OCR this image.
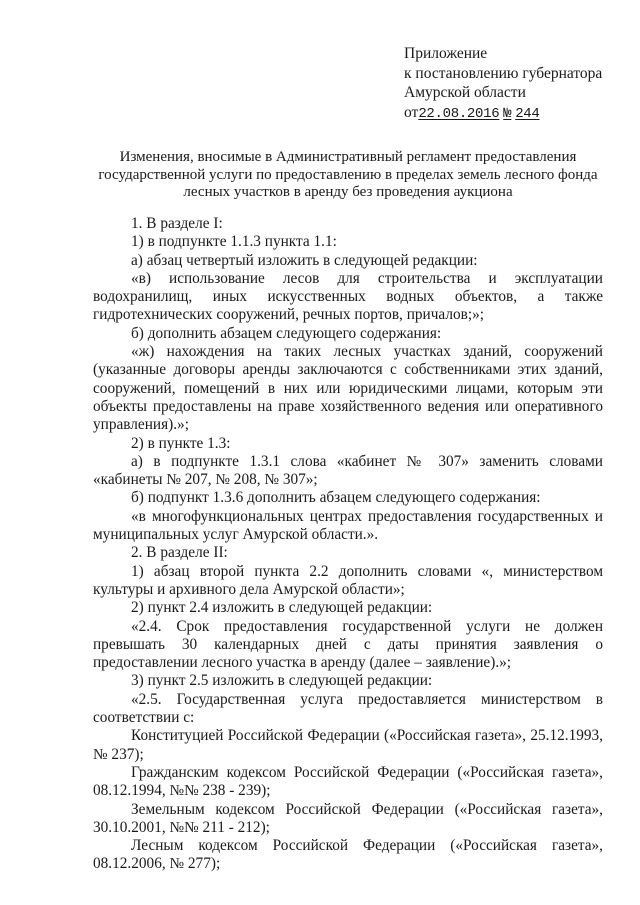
Приложение
к постановлению губернатора
Амурской области
от22.08.2016 № 244
Изменения, вносимые в Административный регламент предоставления государственной услуги по предоставлению в пределах земель лесного фонда лесных участков в аренду без проведения аукциона

1. В разделе I:

1) в подпункте 1.1.3 пункта 1.1:

а) абзац четвертый изложить в следующей редакции:

«в) использование лесов для строительства и эксплуатации водохранилищ, иных искусственных водных объектов, а также гидротехнических сооружений, речных портов, причалов;»;

б) дополнить абзацем следующего содержания:

«ж) нахождения на таких лесных участках зданий, сооружений (указанные договоры аренды заключаются с собственниками этих зданий, сооружений, помещений в них или юридическими лицами, которым эти объекты предоставлены на праве хозяйственного ведения или оперативного управления).»;

2) в пункте 1.3:

а) в подпункте 1.3.1 слова «кабинет № 307» заменить словами «кабинеты № 207, № 208, № 307»;

б) подпункт 1.3.6 дополнить абзацем следующего содержания:

«в многофункциональных центрах предоставления государственных и муниципальных услуг Амурской области.».

2. В разделе II:

1) абзац второй пункта 2.2 дополнить словами «, министерством культуры и архивного дела Амурской области»;

2) пункт 2.4 изложить в следующей редакции:

«2.4. Срок предоставления государственной услуги не должен превышать 30 календарных дней с даты принятия заявления о предоставлении лесного участка в аренду (далее – заявление).»;

3) пункт 2.5 изложить в следующей редакции:

«2.5. Государственная услуга предоставляется министерством в соответствии с:

Конституцией Российской Федерации («Российская газета», 25.12.1993, № 237);

Гражданским кодексом Российской Федерации («Российская газета», 08.12.1994, №№ 238 - 239);

Земельным кодексом Российской Федерации («Российская газета», 30.10.2001, №№ 211 - 212);

Лесным кодексом Российской Федерации («Российская газета», 08.12.2006, № 277);
